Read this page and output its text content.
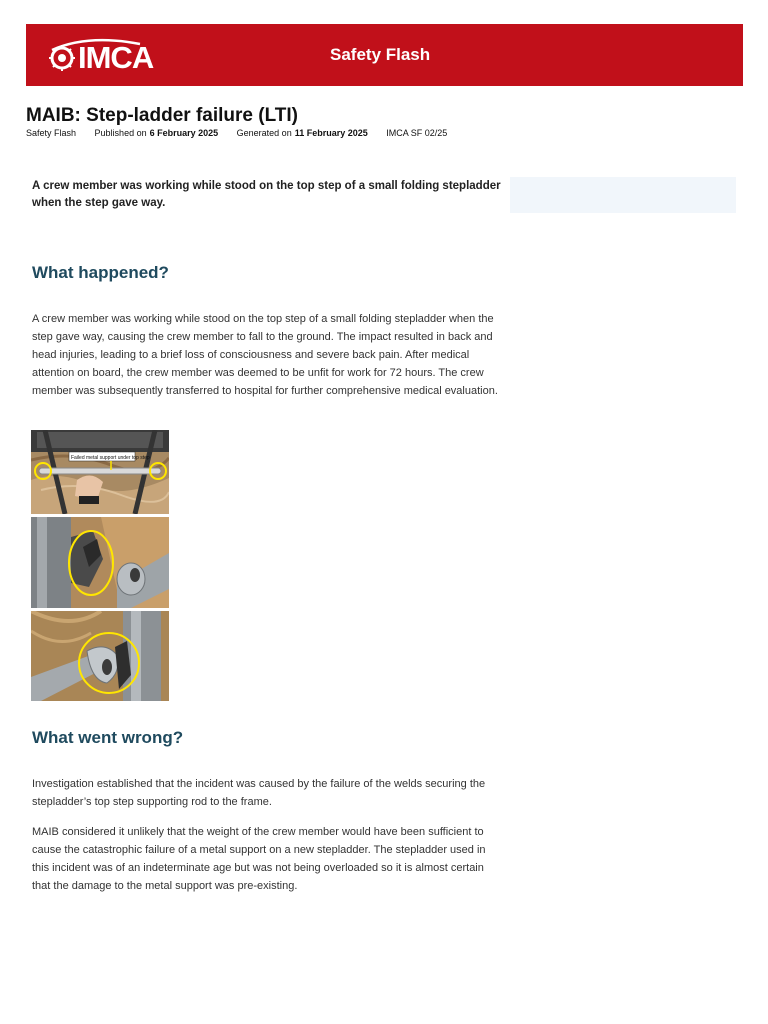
IMCA	Safety Flash
MAIB: Step-ladder failure (LTI)
Safety Flash Published on 6 February 2025 Generated on 11 February 2025 IMCA SF 02/25
A crew member was working while stood on the top step of a small folding stepladder when the step gave way.
What happened?

A crew member was working while stood on the top step of a small folding stepladder when the step gave way, causing the crew member to fall to the ground. The impact resulted in back and head injuries, leading to a brief loss of consciousness and severe back pain. After medical attention on board, the crew member was deemed to be unfit for work for 72 hours. The crew member was subsequently transferred to hospital for further comprehensive medical evaluation.

Failed metal support under top step
What went wrong?

Investigation established that the incident was caused by the failure of the welds securing the stepladder’s top step supporting rod to the frame.

MAIB considered it unlikely that the weight of the crew member would have been sufficient to cause the catastrophic failure of a metal support on a new stepladder. The stepladder used in this incident was of an indeterminate age but was not being overloaded so it is almost certain that the damage to the metal support was pre-existing.
